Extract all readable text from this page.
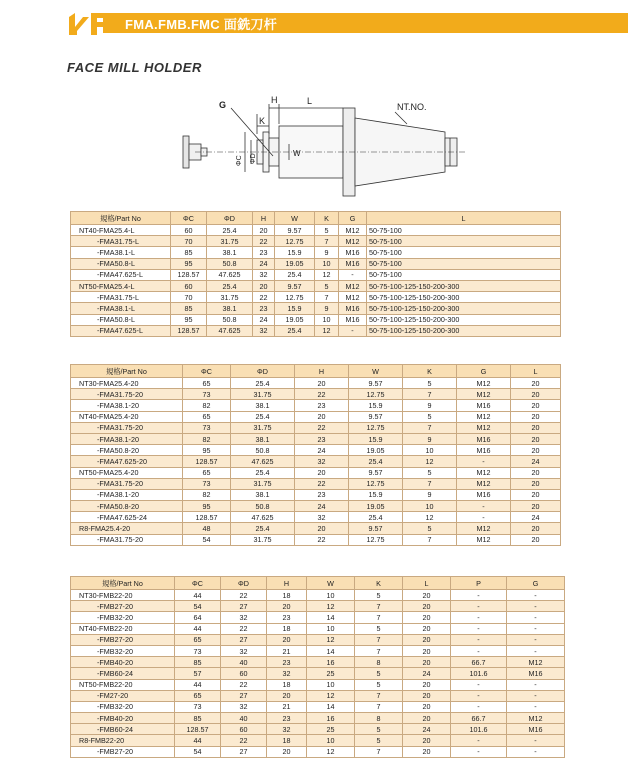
FMA.FMB.FMC 面銑刀杆
FACE MILL HOLDER
G	H	L
K
NT.NO.
W
ΦC ΦD
規格/Part No	ΦC	ΦD	H	W	K	G	L
NT40-FMA25.4-L	60	25.4	20	9.57	5	M12	50-75-100
-FMA31.75-L	70	31.75	22	12.75	7	M12	50-75-100
-FMA38.1-L	85	38.1	23	15.9	9	M16	50-75-100
-FMA50.8-L	95	50.8	24	19.05	10	M16	50-75-100
-FMA47.625-L	128.57	47.625	32	25.4	12	-	50-75-100
NT50-FMA25.4-L	60	25.4	20	9.57	5	M12	50-75-100-125-150-200-300
-FMA31.75-L	70	31.75	22	12.75	7	M12	50-75-100-125-150-200-300
-FMA38.1-L	85	38.1	23	15.9	9	M16	50-75-100-125-150-200-300
-FMA50.8-L	95	50.8	24	19.05	10	M16	50-75-100-125-150-200-300
-FMA47.625-L	128.57	47.625	32	25.4	12	-	50-75-100-125-150-200-300
規格/Part No	ΦC	ΦD	H	W	K	G	L
NT30-FMA25.4-20	65	25.4	20	9.57	5	M12	20
-FMA31.75-20	73	31.75	22	12.75	7	M12	20
-FMA38.1-20	82	38.1	23	15.9	9	M16	20
NT40-FMA25.4-20	65	25.4	20	9.57	5	M12	20
-FMA31.75-20	73	31.75	22	12.75	7	M12	20
-FMA38.1-20	82	38.1	23	15.9	9	M16	20
-FMA50.8-20	95	50.8	24	19.05	10	M16	20
-FMA47.625-20	128.57	47.625	32	25.4	12	-	24
NT50-FMA25.4-20	65	25.4	20	9.57	5	M12	20
-FMA31.75-20	73	31.75	22	12.75	7	M12	20
-FMA38.1-20	82	38.1	23	15.9	9	M16	20
-FMA50.8-20	95	50.8	24	19.05	10	-	20
-FMA47.625-24	128.57	47.625	32	25.4	12	-	24
R8-FMA25.4-20	48	25.4	20	9.57	5	M12	20
-FMA31.75-20	54	31.75	22	12.75	7	M12	20
規格/Part No	ΦC	ΦD	H	W	K	L	P	G
NT30-FMB22-20	44	22	18	10	5	20	-	-
-FMB27-20	54	27	20	12	7	20	-	-
-FMB32-20	64	32	23	14	7	20	-	-
NT40-FMB22-20	44	22	18	10	5	20	-	-
-FMB27-20	65	27	20	12	7	20	-	-
-FMB32-20	73	32	21	14	7	20	-	-
-FMB40-20	85	40	23	16	8	20	66.7	M12
-FMB60-24	57	60	32	25	5	24	101.6	M16
NT50-FMB22-20	44	22	18	10	5	20	-	-
-FM27-20	65	27	20	12	7	20	-	-
-FMB32-20	73	32	21	14	7	20	-	-
-FMB40-20	85	40	23	16	8	20	66.7	M12
-FMB60-24	128.57	60	32	25	5	24	101.6	M16
R8-FMB22-20	44	22	18	10	5	20	-	-
-FMB27-20	54	27	20	12	7	20	-	-
